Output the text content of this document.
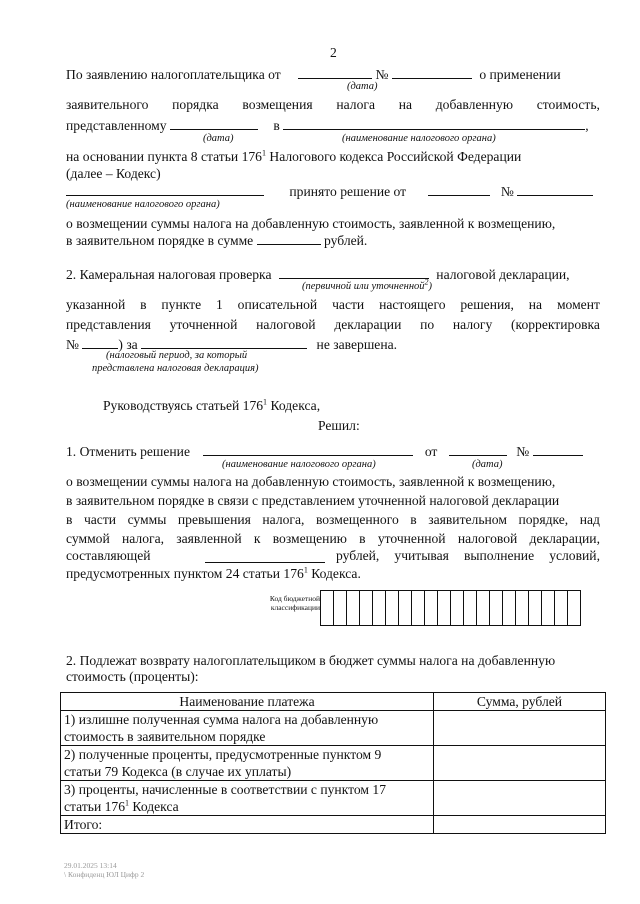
2
По заявлению налогоплательщика от	№	о применении
(дата)
заявительного порядка возмещения налога на добавленную стоимость,
представленному	в	,
(дата)	(наименование налогового органа)
на основании пункта 8 статьи $176^1$ Налогового кодекса Российской Федерации
(далее – Кодекс)
принято решение от	№
(наименование налогового органа)
о возмещении суммы налога на добавленную стоимость, заявленной к возмещению,
в заявительном порядке в сумме	рублей.
2. Камеральная налоговая проверка	налоговой декларации,
(первичной или уточненной$^2$)
указанной в пункте 1 описательной части настоящего решения, на момент
представления уточненной налоговой декларации по налогу (корректировка
№	) за	не завершена.
(налоговый период, за который
представлена налоговая декларация)
Руководствуясь статьей $176^1$ Кодекса,
Решил:
1. Отменить решение	от	№
(наименование налогового органа)	(дата)
о возмещении суммы налога на добавленную стоимость, заявленной к возмещению,
в заявительном порядке в связи с представлением уточненной налоговой декларации
в части суммы превышения налога, возмещенного в заявительном порядке, над
суммой налога, заявленной к возмещению в уточненной налоговой декларации,
составляющей	рублей, учитывая выполнение условий,
предусмотренных пунктом 24 статьи $176^1$ Кодекса.
Код бюджетной
классификации
2. Подлежат возврату налогоплательщиком в бюджет суммы налога на добавленную
стоимость (проценты):
Наименование платежа	Сумма, рублей

1) излишне полученная сумма налога на добавленную
стоимость в заявительном порядке	

2) полученные проценты, предусмотренные пунктом 9
статьи 79 Кодекса (в случае их уплаты)	

3) проценты, начисленные в соответствии с пунктом 17
статьи $176^1$ Кодекса	

Итого:	
29.01.2025 13:14
\ Конфиденц ЮЛ Цифр 2
